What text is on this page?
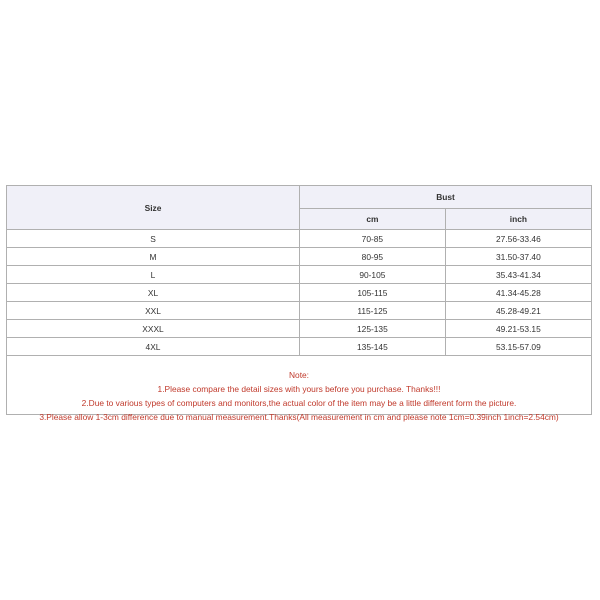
Size	Bust	
	cm	inch
S	70-85	27.56-33.46
M	80-95	31.50-37.40
L	90-105	35.43-41.34
XL	105-115	41.34-45.28
XXL	115-125	45.28-49.21
XXXL	125-135	49.21-53.15
4XL	135-145	53.15-57.09
Note:
1.Please compare the detail sizes with yours before you purchase. Thanks!!!
2.Due to various types of computers and monitors,the actual color of the item may be a little different form the picture.
3.Please allow 1-3cm difference due to manual measurement.Thanks(All measurement in cm and please note 1cm=0.39inch 1inch=2.54cm)
